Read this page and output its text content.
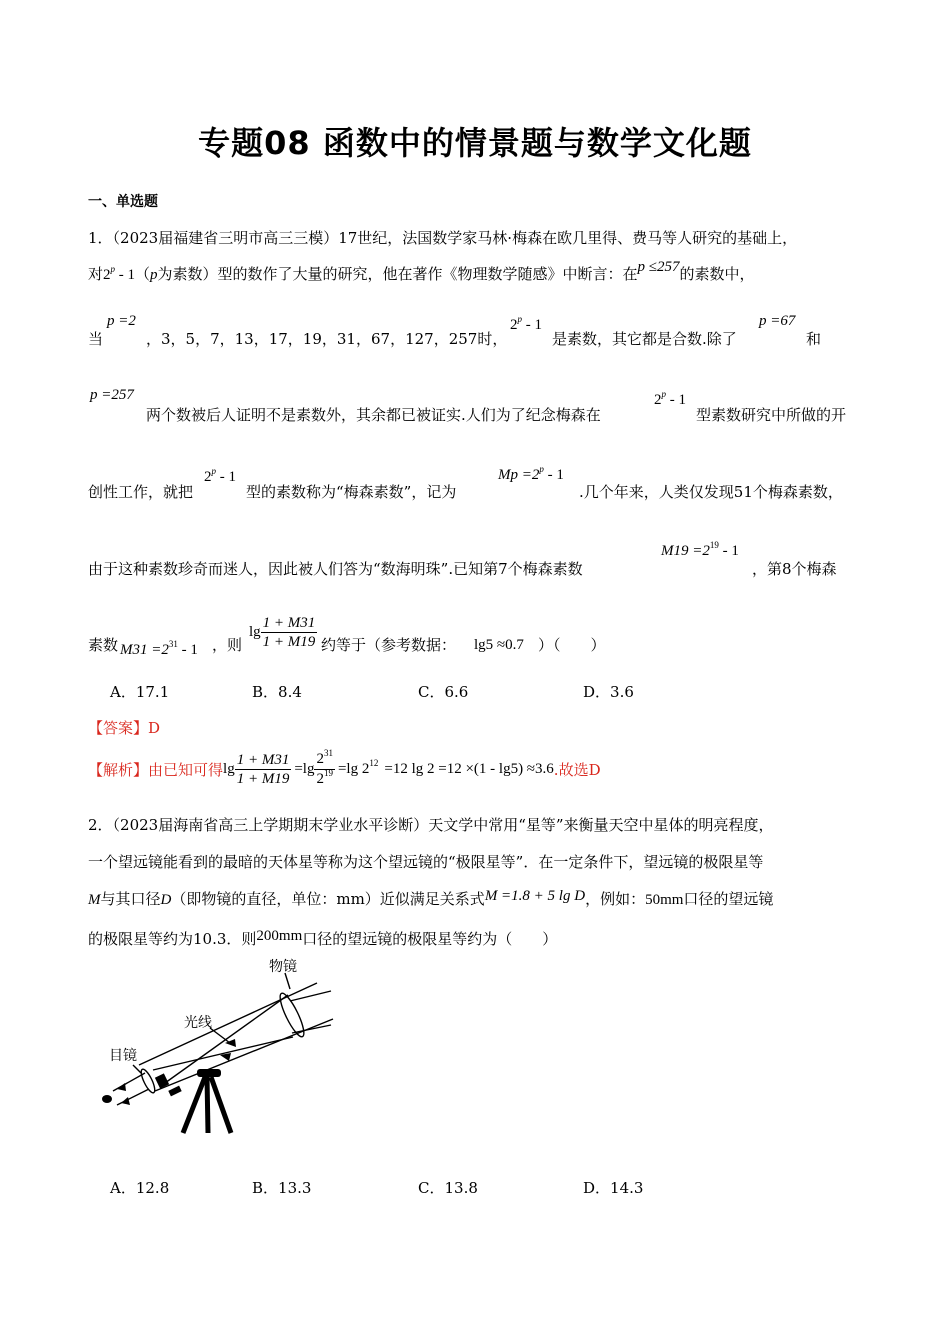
专题08 函数中的情景题与数学文化题
一、单选题
1．（2023届福建省三明市高三三模）17世纪，法国数学家马林·梅森在欧几里得、费马等人研究的基础上，
对2$^p$ - 1（p为素数）型的数作了大量的研究，他在著作《物理数学随感》中断言：在p ≤257的素数中，
p =2
当	，3，5，7，13，17，19，31，67，127，257时，
2$^p$ - 1
是素数，其它都是合数.除了
p =67
和
p =257
两个数被后人证明不是素数外，其余都已被证实.人们为了纪念梅森在
2$^p$ - 1
型素数研究中所做的开
创性工作，就把
2$^p$ - 1
型的素数称为“梅森素数”，记为
$Mp =2^p - 1$
.几个年来，人类仅发现51个梅森素数，
由于这种素数珍奇而迷人，因此被人们答为“数海明珠”.已知第7个梅森素数
$M19 =2^{19} - 1$
，第8个梅森
素数 $M31 =2^{31} - 1$ ，则
$\lg \frac{1 + M31}{1 + M19}$ 约等于（参考数据： lg5 ≈0.7 ）（　　）
A．17.1	B．8.4	C．6.6	D．3.6
【答案】D
【解析】 由已知可得 $\lg \frac{1 + M31}{1 + M19} =\lg \frac{2^{31}}{2^{19}} =\lg$ 2 12 =12 lg 2 =12 ×(1 - lg5) ≈3.6 .故选D
2．（2023届海南省高三上学期期末学业水平诊断）天文学中常用“星等”来衡量天空中星体的明亮程度，
一个望远镜能看到的最暗的天体星等称为这个望远镜的“极限星等”．在一定条件下，望远镜的极限星等
M与其口径D（即物镜的直径，单位：mm）近似满足关系式M =1.8 + 5 lg D，例如：50mm口径的望远镜
的极限星等约为10.3．则200mm口径的望远镜的极限星等约为（　　）
物镜
光线
目镜
A．12.8	B．13.3	C．13.8	D．14.3
